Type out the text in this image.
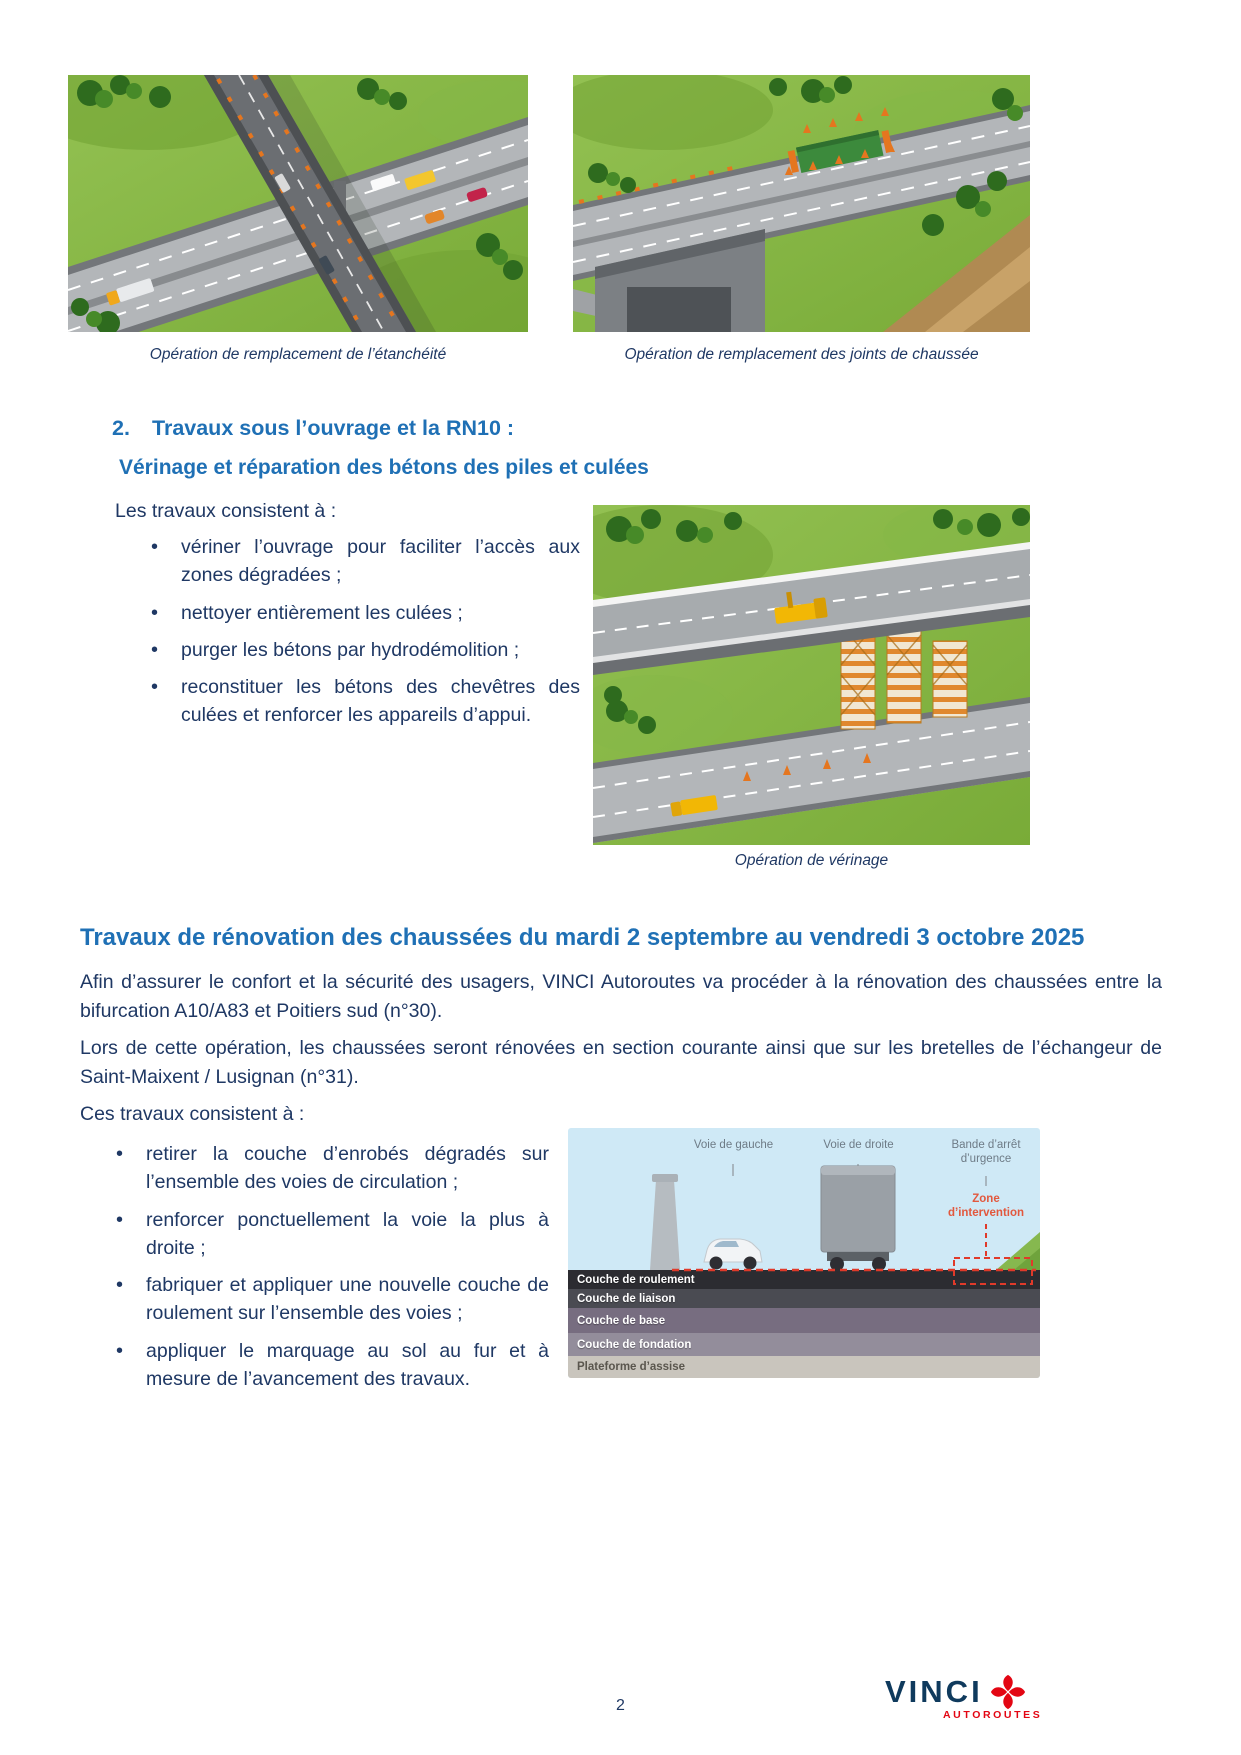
Opération de remplacement de l’étanchéité	Opération de remplacement des joints de chaussée
2.	Travaux sous l’ouvrage et la RN10 :
Vérinage et réparation des bétons des piles et culées
Les travaux consistent à :
• vériner l’ouvrage pour faciliter l’accès aux zones dégradées ;
• nettoyer entièrement les culées ;
• purger les bétons par hydrodémolition ;
• reconstituer les bétons des chevêtres des culées et renforcer les appareils d’appui.
Opération de vérinage
Travaux de rénovation des chaussées du mardi 2 septembre au vendredi 3 octobre 2025

Afin d’assurer le confort et la sécurité des usagers, VINCI Autoroutes va procéder à la rénovation des chaussées entre la bifurcation A10/A83 et Poitiers sud (n°30).

Lors de cette opération, les chaussées seront rénovées en section courante ainsi que sur les bretelles de l’échangeur de Saint-Maixent / Lusignan (n°31).

Ces travaux consistent à :
• retirer la couche d’enrobés dégradés sur l’ensemble des voies de circulation ;
• renforcer ponctuellement la voie la plus à droite ;
• fabriquer et appliquer une nouvelle couche de roulement sur l’ensemble des voies ;
• appliquer le marquage au sol au fur et à mesure de l’avancement des travaux.
Voie de gauche	Voie de droite	Bande d’arrêt d’urgence
Zone d’intervention
Couche de roulement
Couche de liaison
Couche de base
Couche de fondation
Plateforme d’assise
2	VINCI
AUTOROUTES
